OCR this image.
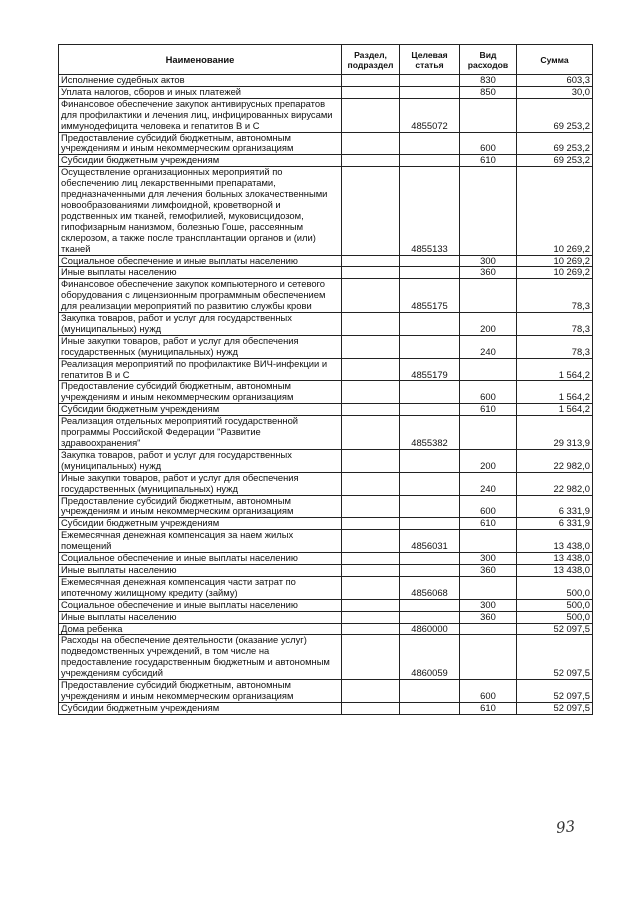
Наименование	Раздел, подраздел	Целевая статья	Вид расходов	Сумма
Исполнение судебных актов			830	603,3
Уплата налогов, сборов и иных платежей			850	30,0
Финансовое обеспечение закупок антивирусных препаратов для профилактики и лечения лиц, инфицированных вирусами иммунодефицита человека и гепатитов В и С		4855072		69 253,2
Предоставление субсидий бюджетным, автономным учреждениям и иным некоммерческим организациям			600	69 253,2
Субсидии бюджетным учреждениям			610	69 253,2
Осуществление организационных мероприятий по обеспечению лиц лекарственными препаратами, предназначенными для лечения больных злокачественными новообразованиями лимфоидной, кроветворной и родственных им тканей, гемофилией, муковисцидозом, гипофизарным нанизмом, болезнью Гоше, рассеянным склерозом, а также после трансплантации органов и (или) тканей		4855133		10 269,2
Социальное обеспечение и иные выплаты населению			300	10 269,2
Иные выплаты населению			360	10 269,2
Финансовое обеспечение закупок компьютерного и сетевого оборудования с лицензионным программным обеспечением для реализации мероприятий по развитию службы крови		4855175		78,3
Закупка товаров, работ и услуг для государственных (муниципальных) нужд			200	78,3
Иные закупки товаров, работ и услуг для обеспечения государственных (муниципальных) нужд			240	78,3
Реализация мероприятий по профилактике ВИЧ-инфекции и гепатитов В и С		4855179		1 564,2
Предоставление субсидий бюджетным, автономным учреждениям и иным некоммерческим организациям			600	1 564,2
Субсидии бюджетным учреждениям			610	1 564,2
Реализация отдельных мероприятий государственной программы Российской Федерации "Развитие здравоохранения"		4855382		29 313,9
Закупка товаров, работ и услуг для государственных (муниципальных) нужд			200	22 982,0
Иные закупки товаров, работ и услуг для обеспечения государственных (муниципальных) нужд			240	22 982,0
Предоставление субсидий бюджетным, автономным учреждениям и иным некоммерческим организациям			600	6 331,9
Субсидии бюджетным учреждениям			610	6 331,9
Ежемесячная денежная компенсация за наем жилых помещений		4856031		13 438,0
Социальное обеспечение и иные выплаты населению			300	13 438,0
Иные выплаты населению			360	13 438,0
Ежемесячная денежная компенсация части затрат по ипотечному жилищному кредиту (займу)		4856068		500,0
Социальное обеспечение и иные выплаты населению			300	500,0
Иные выплаты населению			360	500,0
Дома ребенка		4860000		52 097,5
Расходы на обеспечение деятельности (оказание услуг) подведомственных учреждений, в том числе на предоставление государственным бюджетным и автономным учреждениям субсидий		4860059		52 097,5
Предоставление субсидий бюджетным, автономным учреждениям и иным некоммерческим организациям			600	52 097,5
Субсидии бюджетным учреждениям			610	52 097,5
93
